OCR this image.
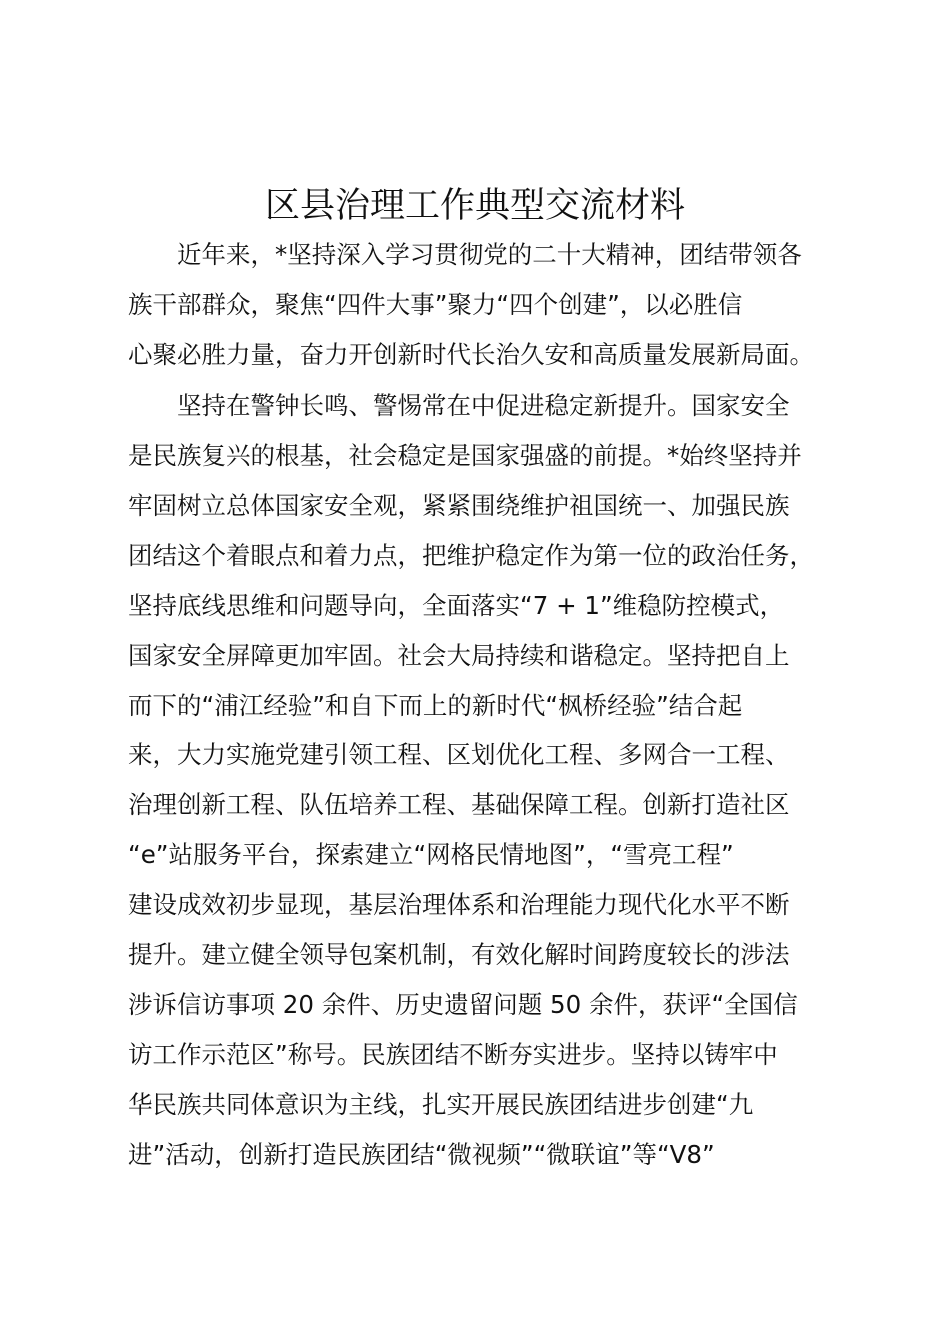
区县治理工作典型交流材料
近年来，*坚持深入学习贯彻党的二十大精神，团结带领各
族干部群众，聚焦“四件大事”聚力“四个创建”，以必胜信
心聚必胜力量，奋力开创新时代长治久安和高质量发展新局面。
坚持在警钟长鸣、警惕常在中促进稳定新提升。国家安全
是民族复兴的根基，社会稳定是国家强盛的前提。*始终坚持并
牢固树立总体国家安全观，紧紧围绕维护祖国统一、加强民族
团结这个着眼点和着力点，把维护稳定作为第一位的政治任务，
坚持底线思维和问题导向，全面落实“7 + 1”维稳防控模式，
国家安全屏障更加牢固。社会大局持续和谐稳定。坚持把自上
而下的“浦江经验”和自下而上的新时代“枫桥经验”结合起
来，大力实施党建引领工程、区划优化工程、多网合一工程、
治理创新工程、队伍培养工程、基础保障工程。创新打造社区
“e”站服务平台，探索建立“网格民情地图”，“雪亮工程”
建设成效初步显现，基层治理体系和治理能力现代化水平不断
提升。建立健全领导包案机制，有效化解时间跨度较长的涉法
涉诉信访事项 20 余件、历史遗留问题 50 余件，获评“全国信
访工作示范区”称号。民族团结不断夯实进步。坚持以铸牢中
华民族共同体意识为主线，扎实开展民族团结进步创建“九
进”活动，创新打造民族团结“微视频”“微联谊”等“V8”
